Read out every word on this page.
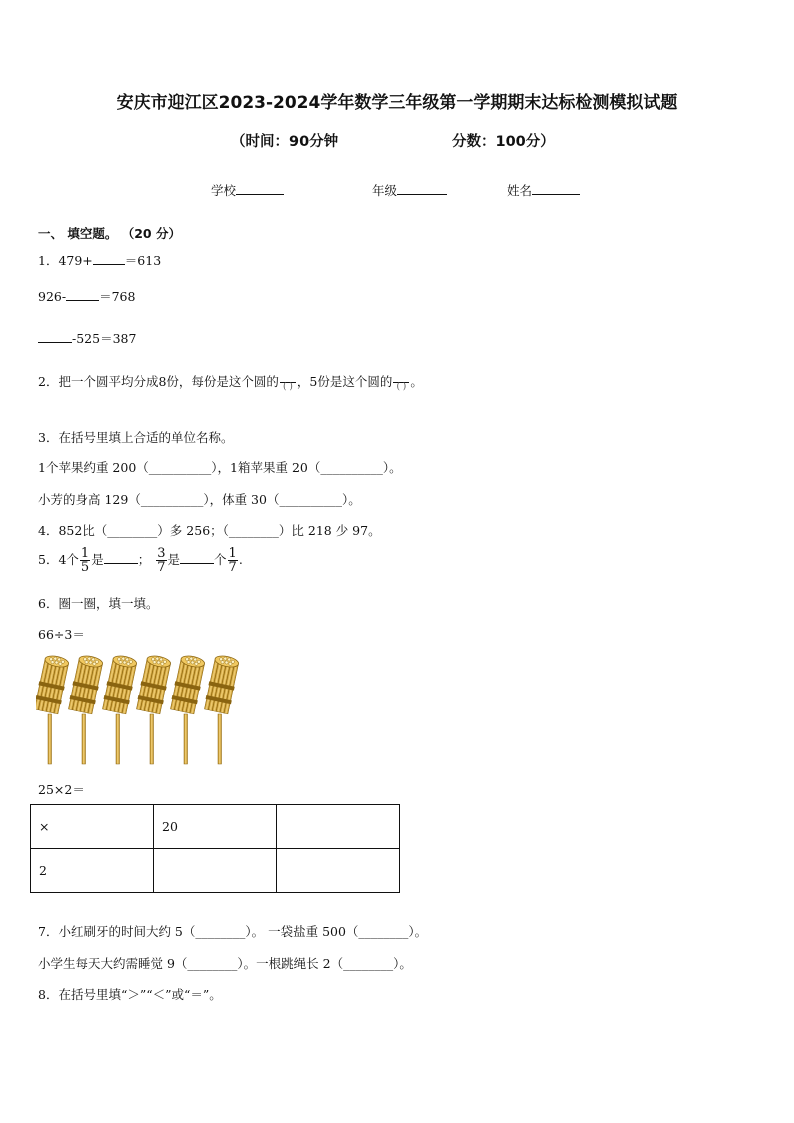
安庆市迎江区2023-2024学年数学三年级第一学期期末达标检测模拟试题
（时间：90分钟	分数：100分）
学校	年级	姓名
一、 填空题。 （20 分）
1．479+	＝613
926-	＝768
-525＝387
2．把一个圆平均分成8份，每份是这个圆的 ( ) ，5份是这个圆的 ( ) 。
3．在括号里填上合适的单位名称。
1个苹果约重 200（__________），1箱苹果重 20（__________）。
小芳的身高 129（__________），体重 30（__________）。
4．852比（________）多 256；（________）比 218 少 97。
5．4个 $\frac{1}{5}$ 是	； $\frac{3}{7}$ 是	个 $\frac{1}{7}$ .
6．圈一圈，填一填。
66÷3＝
25×2＝
×	20	
2		
7．小红刷牙的时间大约 5（________）。 一袋盐重 500（________）。
小学生每天大约需睡觉 9（________）。一根跳绳长 2（________）。
8．在括号里填“＞”“＜”或“＝”。
